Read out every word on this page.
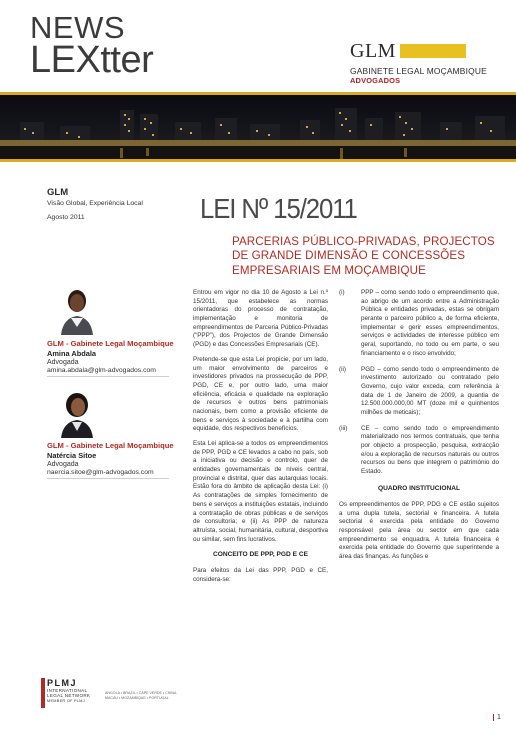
NEWS
LEXtter	GLM
GABINETE LEGAL MOÇAMBIQUE
ADVOGADOS
GLM
Visão Global, Experiência Local
Agosto 2011
GLM - Gabinete Legal Moçambique
Amina Abdala
Advogada
amina.abdala@glm-advogados.com
GLM - Gabinete Legal Moçambique
Natércia Sitoe
Advogada
naercia.sitoe@glm-advogados.com
LEI Nº 15/2011
PARCERIAS PÚBLICO-PRIVADAS, PROJECTOS DE GRANDE DIMENSÃO E CONCESSÕES EMPRESARIAIS EM MOÇAMBIQUE

Entrou em vigor no dia 10 de Agosto a Lei n.º 15/2011, que estabelece as normas orientadoras do processo de contratação, implementação e monitoria de empreendimentos de Parceria Público-Privadas (“PPP”), dos Projectos de Grande Dimensão (PGD) e das Concessões Empresariais (CE).

Pretende-se que esta Lei propicie, por um lado, um maior envolvimento de parceiros e investidores privados na prossecução de PPP, PGD, CE e, por outro lado, uma maior eficiência, eficácia e qualidade na exploração de recursos e outros bens patrimoniais nacionais, bem como a provisão eficiente de bens e serviços à sociedade e à partilha com equidade, dos respectivos benefícios.

Esta Lei aplica-se a todos os empreendimentos de PPP, PGD e CE levados a cabo no país, sob a iniciativa ou decisão e controlo, quer de entidades governamentais de níveis central, provincial e distrital, quer das autarquias locais. Estão fora do âmbito de aplicação desta Lei: (i) As contratações de simples fornecimento de bens e serviços a instituições estatais, incluindo a contratação de obras públicas e de serviços de consultoria; e (ii) As PPP de natureza altruísta, social, humanitária, cultural, desportiva ou similar, sem fins lucrativos.

CONCEITO DE PPP, PGD E CE

Para efeitos da Lei das PPP, PGD e CE, considera-se:

(i)	PPP – como sendo todo o empreendimento que, ao abrigo de um acordo entre a Administração Pública e entidades privadas, estas se obrigam perante o parceiro público a, de forma eficiente, implementar e gerir esses empreendimentos, serviços e actividades de interesse público em geral, suportando, no todo ou em parte, o seu financiamento e o risco envolvido;
(ii)	PGD – como sendo todo o empreendimento de investimento autorizado ou contratado pelo Governo, cujo valor exceda, com referência à data de 1 de Janeiro de 2009, a quantia de 12.500.000.000,00 MT (doze mil e quinhentos milhões de meticais);
(iii)	CE – como sendo todo o empreendimento materializado nos termos contratuais, que tenha por objecto a prospecção, pesquisa, extracção e/ou a exploração de recursos naturais ou outros recursos ou bens que integrem o património do Estado.
QUADRO INSTITUCIONAL

Os empreendimentos de PPP, PDG e CE estão sujeitos a uma dupla tutela, sectorial e financeira. A tutela sectorial é exercida pela entidade do Governo responsável pela área ou sector em que cada empreendimento se enquadra. A tutela financeira é exercida pela entidade do Governo que superintende a área das finanças. As funções e

PLMJ
INTERNATIONAL
LEGAL NETWORK
MEMBER OF PLMJ
ANGOLA • BRAZIL • CAPE VERDE • CHINA
MACAU • MOZAMBIQUE • PORTUGAL
1
